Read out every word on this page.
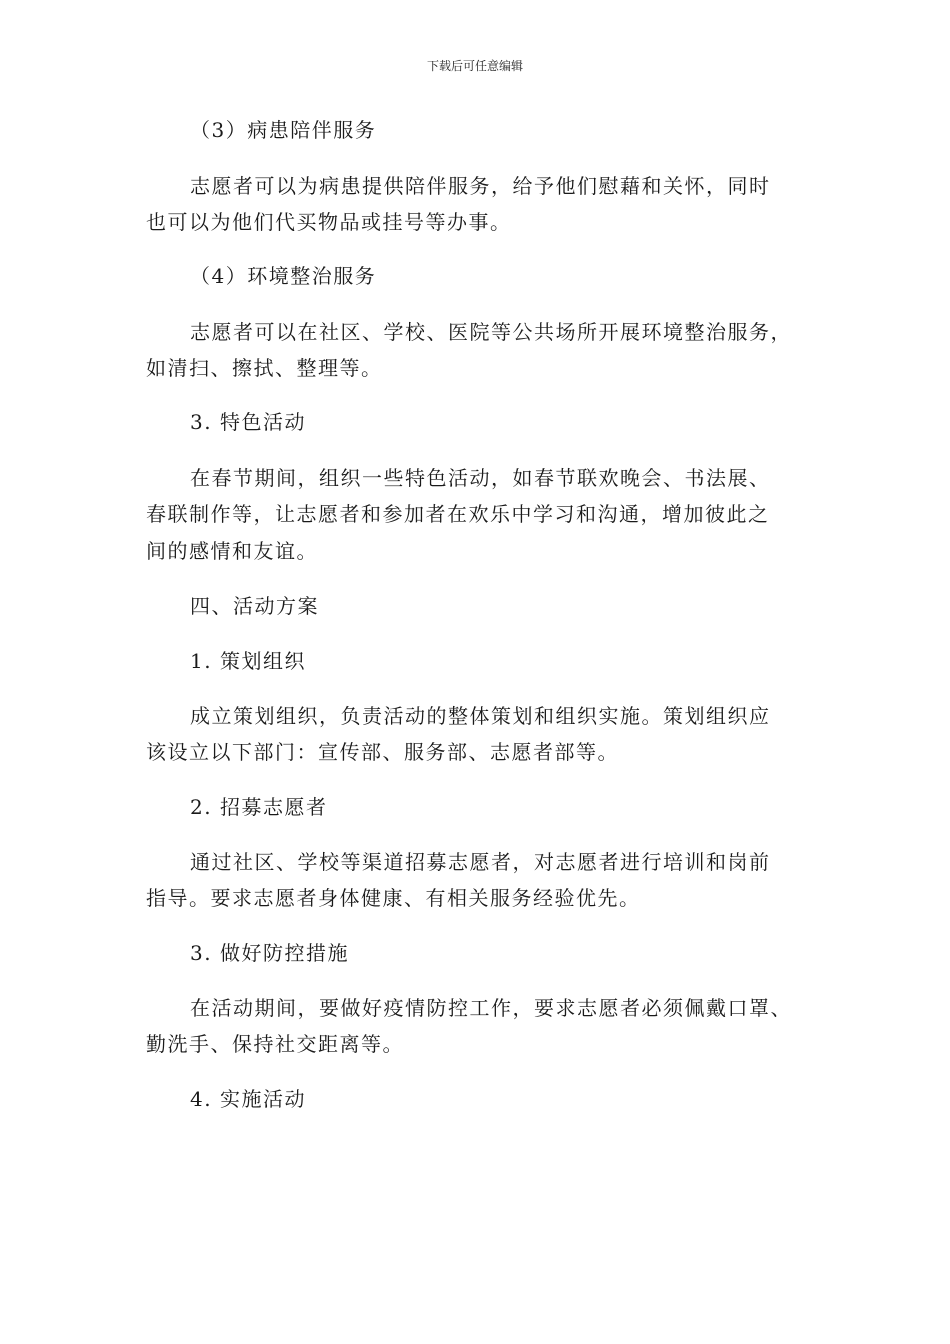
下载后可任意编辑
（3）病患陪伴服务
志愿者可以为病患提供陪伴服务，给予他们慰藉和关怀，同时
也可以为他们代买物品或挂号等办事。
（4）环境整治服务
志愿者可以在社区、学校、医院等公共场所开展环境整治服务，
如清扫、擦拭、整理等。
3. 特色活动
在春节期间，组织一些特色活动，如春节联欢晚会、书法展、
春联制作等，让志愿者和参加者在欢乐中学习和沟通，增加彼此之
间的感情和友谊。
四、活动方案
1. 策划组织
成立策划组织，负责活动的整体策划和组织实施。策划组织应
该设立以下部门：宣传部、服务部、志愿者部等。
2. 招募志愿者
通过社区、学校等渠道招募志愿者，对志愿者进行培训和岗前
指导。要求志愿者身体健康、有相关服务经验优先。
3. 做好防控措施
在活动期间，要做好疫情防控工作，要求志愿者必须佩戴口罩、
勤洗手、保持社交距离等。
4. 实施活动
